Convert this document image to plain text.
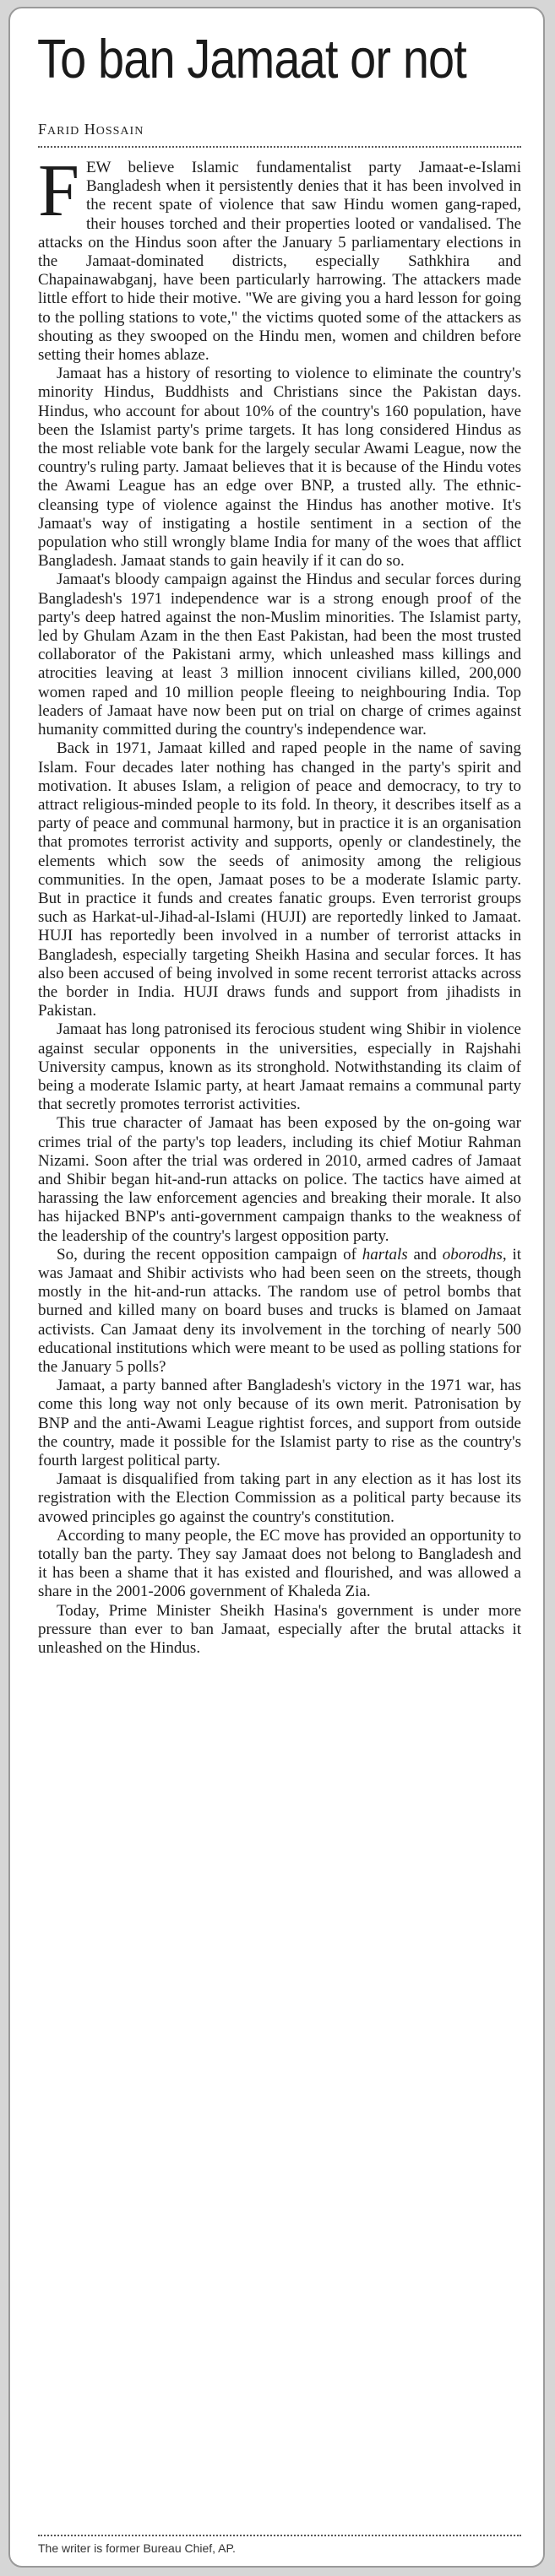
To ban Jamaat or not
FARID HOSSAIN

FEW believe Islamic fundamentalist party Jamaat-e-Islami Bangladesh when it persistently denies that it has been involved in the recent spate of violence that saw Hindu women gang-raped, their houses torched and their properties looted or vandalised. The attacks on the Hindus soon after the January 5 parliamentary elections in the Jamaat-dominated districts, especially Sathkhira and Chapainawabganj, have been particularly harrowing. The attackers made little effort to hide their motive. "We are giving you a hard lesson for going to the polling stations to vote," the victims quoted some of the attackers as shouting as they swooped on the Hindu men, women and children before setting their homes ablaze.

Jamaat has a history of resorting to violence to eliminate the country's minority Hindus, Buddhists and Christians since the Pakistan days. Hindus, who account for about 10% of the country's 160 population, have been the Islamist party's prime targets. It has long considered Hindus as the most reliable vote bank for the largely secular Awami League, now the country's ruling party. Jamaat believes that it is because of the Hindu votes the Awami League has an edge over BNP, a trusted ally. The ethnic-cleansing type of violence against the Hindus has another motive. It's Jamaat's way of instigating a hostile sentiment in a section of the population who still wrongly blame India for many of the woes that afflict Bangladesh. Jamaat stands to gain heavily if it can do so.

Jamaat's bloody campaign against the Hindus and secular forces during Bangladesh's 1971 independence war is a strong enough proof of the party's deep hatred against the non-Muslim minorities. The Islamist party, led by Ghulam Azam in the then East Pakistan, had been the most trusted collaborator of the Pakistani army, which unleashed mass killings and atrocities leaving at least 3 million innocent civilians killed, 200,000 women raped and 10 million people fleeing to neighbouring India. Top leaders of Jamaat have now been put on trial on charge of crimes against humanity committed during the country's independence war.

Back in 1971, Jamaat killed and raped people in the name of saving Islam. Four decades later nothing has changed in the party's spirit and motivation. It abuses Islam, a religion of peace and democracy, to try to attract religious-minded people to its fold. In theory, it describes itself as a party of peace and communal harmony, but in practice it is an organisation that promotes terrorist activity and supports, openly or clandestinely, the elements which sow the seeds of animosity among the religious communities. In the open, Jamaat poses to be a moderate Islamic party. But in practice it funds and creates fanatic groups. Even terrorist groups such as Harkat-ul-Jihad-al-Islami (HUJI) are reportedly linked to Jamaat. HUJI has reportedly been involved in a number of terrorist attacks in Bangladesh, especially targeting Sheikh Hasina and secular forces. It has also been accused of being involved in some recent terrorist attacks across the border in India. HUJI draws funds and support from jihadists in Pakistan.

Jamaat has long patronised its ferocious student wing Shibir in violence against secular opponents in the universities, especially in Rajshahi University campus, known as its stronghold. Notwithstanding its claim of being a moderate Islamic party, at heart Jamaat remains a communal party that secretly promotes terrorist activities.

This true character of Jamaat has been exposed by the on-going war crimes trial of the party's top leaders, including its chief Motiur Rahman Nizami. Soon after the trial was ordered in 2010, armed cadres of Jamaat and Shibir began hit-and-run attacks on police. The tactics have aimed at harassing the law enforcement agencies and breaking their morale. It also has hijacked BNP's anti-government campaign thanks to the weakness of the leadership of the country's largest opposition party.

So, during the recent opposition campaign of hartals and oborodhs, it was Jamaat and Shibir activists who had been seen on the streets, though mostly in the hit-and-run attacks. The random use of petrol bombs that burned and killed many on board buses and trucks is blamed on Jamaat activists. Can Jamaat deny its involvement in the torching of nearly 500 educational institutions which were meant to be used as polling stations for the January 5 polls?

Jamaat, a party banned after Bangladesh's victory in the 1971 war, has come this long way not only because of its own merit. Patronisation by BNP and the anti-Awami League rightist forces, and support from outside the country, made it possible for the Islamist party to rise as the country's fourth largest political party.

Jamaat is disqualified from taking part in any election as it has lost its registration with the Election Commission as a political party because its avowed principles go against the country's constitution.

According to many people, the EC move has provided an opportunity to totally ban the party. They say Jamaat does not belong to Bangladesh and it has been a shame that it has existed and flourished, and was allowed a share in the 2001-2006 government of Khaleda Zia.

Today, Prime Minister Sheikh Hasina's government is under more pressure than ever to ban Jamaat, especially after the brutal attacks it unleashed on the Hindus.

The writer is former Bureau Chief, AP.
